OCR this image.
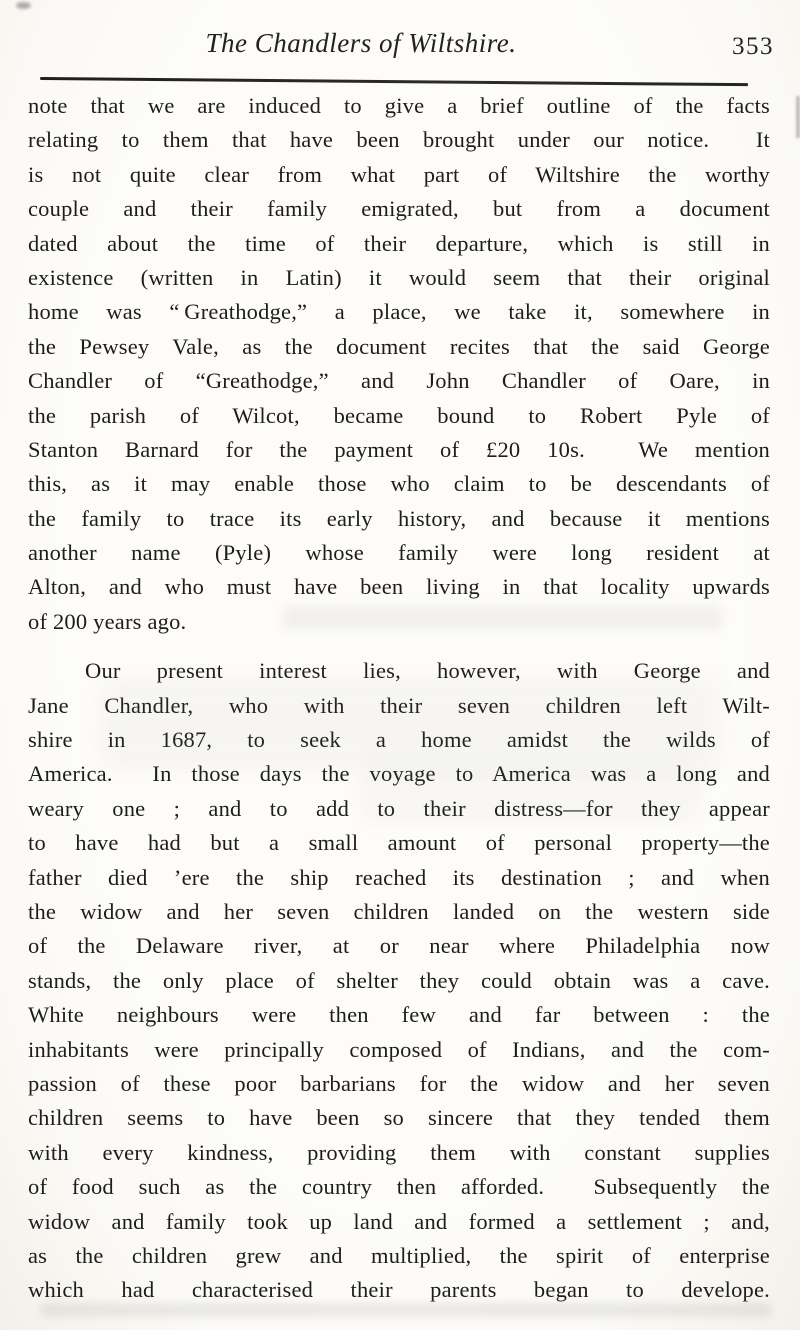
The Chandlers of Wiltshire.	353
note that we are induced to give a brief outline of the facts
relating to them that have been brought under our notice.  It
is not quite clear from what part of Wiltshire the worthy
couple and their family emigrated, but from a document
dated about the time of their departure, which is still in
existence (written in Latin) it would seem that their original
home was “ Greathodge,” a place, we take it, somewhere in
the Pewsey Vale, as the document recites that the said George
Chandler of “Greathodge,” and John Chandler of Oare, in
the parish of Wilcot, became bound to Robert Pyle of
Stanton Barnard for the payment of £20 10s.  We mention
this, as it may enable those who claim to be descendants of
the family to trace its early history, and because it mentions
another name (Pyle) whose family were long resident at
Alton, and who must have been living in that locality upwards
of 200 years ago.
Our present interest lies, however, with George and
Jane Chandler, who with their seven children left Wilt-
shire in 1687, to seek a home amidst the wilds of
America.  In those days the voyage to America was a long and
weary one ; and to add to their distress—for they appear
to have had but a small amount of personal property—the
father died ’ere the ship reached its destination ; and when
the widow and her seven children landed on the western side
of the Delaware river, at or near where Philadelphia now
stands, the only place of shelter they could obtain was a cave.
White neighbours were then few and far between : the
inhabitants were principally composed of Indians, and the com-
passion of these poor barbarians for the widow and her seven
children seems to have been so sincere that they tended them
with every kindness, providing them with constant supplies
of food such as the country then afforded.  Subsequently the
widow and family took up land and formed a settlement ; and,
as the children grew and multiplied, the spirit of enterprise
which had characterised their parents began to develope.
